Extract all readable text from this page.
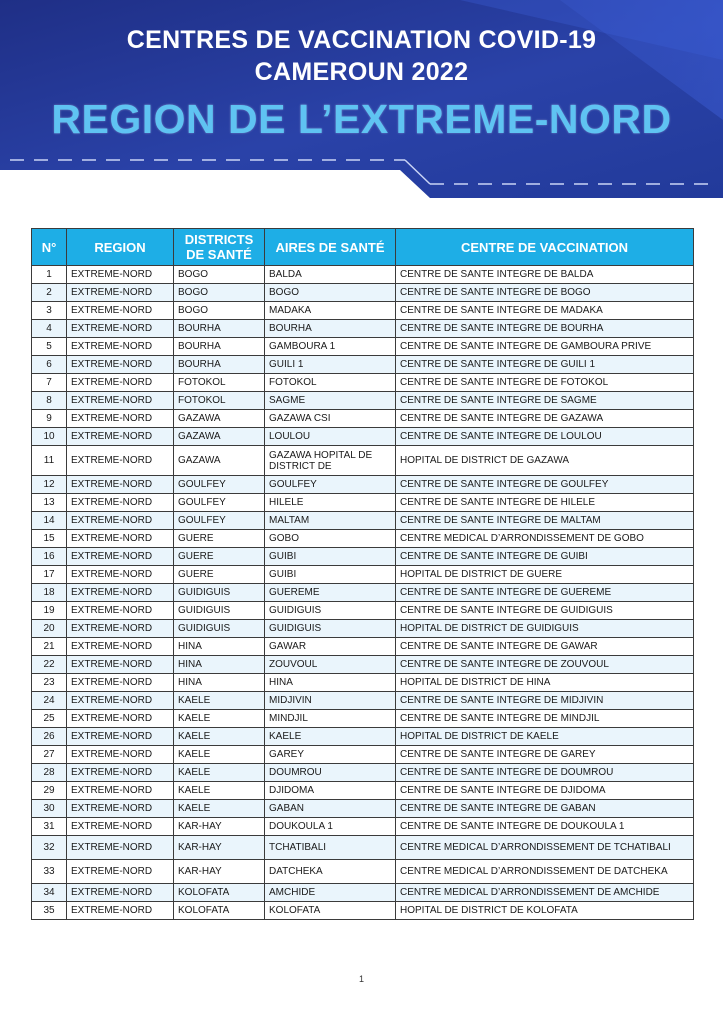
CENTRES DE VACCINATION COVID-19
CAMEROUN 2022
REGION DE L’EXTREME-NORD
N°	REGION	DISTRICTS DE SANTÉ	AIRES DE SANTÉ	CENTRE DE VACCINATION
1	EXTREME-NORD	BOGO	BALDA	CENTRE DE SANTE INTEGRE DE BALDA
2	EXTREME-NORD	BOGO	BOGO	CENTRE DE SANTE INTEGRE DE BOGO
3	EXTREME-NORD	BOGO	MADAKA	CENTRE DE SANTE INTEGRE DE MADAKA
4	EXTREME-NORD	BOURHA	BOURHA	CENTRE DE SANTE INTEGRE DE BOURHA
5	EXTREME-NORD	BOURHA	GAMBOURA 1	CENTRE DE SANTE INTEGRE DE GAMBOURA PRIVE
6	EXTREME-NORD	BOURHA	GUILI 1	CENTRE DE SANTE INTEGRE DE GUILI 1
7	EXTREME-NORD	FOTOKOL	FOTOKOL	CENTRE DE SANTE INTEGRE DE FOTOKOL
8	EXTREME-NORD	FOTOKOL	SAGME	CENTRE DE SANTE INTEGRE DE SAGME
9	EXTREME-NORD	GAZAWA	GAZAWA CSI	CENTRE DE SANTE INTEGRE DE GAZAWA
10	EXTREME-NORD	GAZAWA	LOULOU	CENTRE DE SANTE INTEGRE DE LOULOU
11	EXTREME-NORD	GAZAWA	GAZAWA HOPITAL DE DISTRICT DE	HOPITAL DE DISTRICT DE GAZAWA
12	EXTREME-NORD	GOULFEY	GOULFEY	CENTRE DE SANTE INTEGRE DE GOULFEY
13	EXTREME-NORD	GOULFEY	HILELE	CENTRE DE SANTE INTEGRE DE HILELE
14	EXTREME-NORD	GOULFEY	MALTAM	CENTRE DE SANTE INTEGRE DE MALTAM
15	EXTREME-NORD	GUERE	GOBO	CENTRE MEDICAL D’ARRONDISSEMENT DE GOBO
16	EXTREME-NORD	GUERE	GUIBI	CENTRE DE SANTE INTEGRE DE GUIBI
17	EXTREME-NORD	GUERE	GUIBI	HOPITAL DE DISTRICT DE GUERE
18	EXTREME-NORD	GUIDIGUIS	GUEREME	CENTRE DE SANTE INTEGRE DE GUEREME
19	EXTREME-NORD	GUIDIGUIS	GUIDIGUIS	CENTRE DE SANTE INTEGRE DE GUIDIGUIS
20	EXTREME-NORD	GUIDIGUIS	GUIDIGUIS	HOPITAL DE DISTRICT DE GUIDIGUIS
21	EXTREME-NORD	HINA	GAWAR	CENTRE DE SANTE INTEGRE DE GAWAR
22	EXTREME-NORD	HINA	ZOUVOUL	CENTRE DE SANTE INTEGRE DE ZOUVOUL
23	EXTREME-NORD	HINA	HINA	HOPITAL DE DISTRICT DE HINA
24	EXTREME-NORD	KAELE	MIDJIVIN	CENTRE DE SANTE INTEGRE DE MIDJIVIN
25	EXTREME-NORD	KAELE	MINDJIL	CENTRE DE SANTE INTEGRE DE MINDJIL
26	EXTREME-NORD	KAELE	KAELE	HOPITAL DE DISTRICT DE KAELE
27	EXTREME-NORD	KAELE	GAREY	CENTRE DE SANTE INTEGRE DE GAREY
28	EXTREME-NORD	KAELE	DOUMROU	CENTRE DE SANTE INTEGRE DE DOUMROU
29	EXTREME-NORD	KAELE	DJIDOMA	CENTRE DE SANTE INTEGRE DE DJIDOMA
30	EXTREME-NORD	KAELE	GABAN	CENTRE DE SANTE INTEGRE DE GABAN
31	EXTREME-NORD	KAR-HAY	DOUKOULA 1	CENTRE DE SANTE INTEGRE DE DOUKOULA 1
32	EXTREME-NORD	KAR-HAY	TCHATIBALI	CENTRE MEDICAL D’ARRONDISSEMENT DE TCHATIBALI
33	EXTREME-NORD	KAR-HAY	DATCHEKA	CENTRE MEDICAL D’ARRONDISSEMENT DE DATCHEKA
34	EXTREME-NORD	KOLOFATA	AMCHIDE	CENTRE MEDICAL D’ARRONDISSEMENT DE AMCHIDE
35	EXTREME-NORD	KOLOFATA	KOLOFATA	HOPITAL DE DISTRICT DE KOLOFATA
1
